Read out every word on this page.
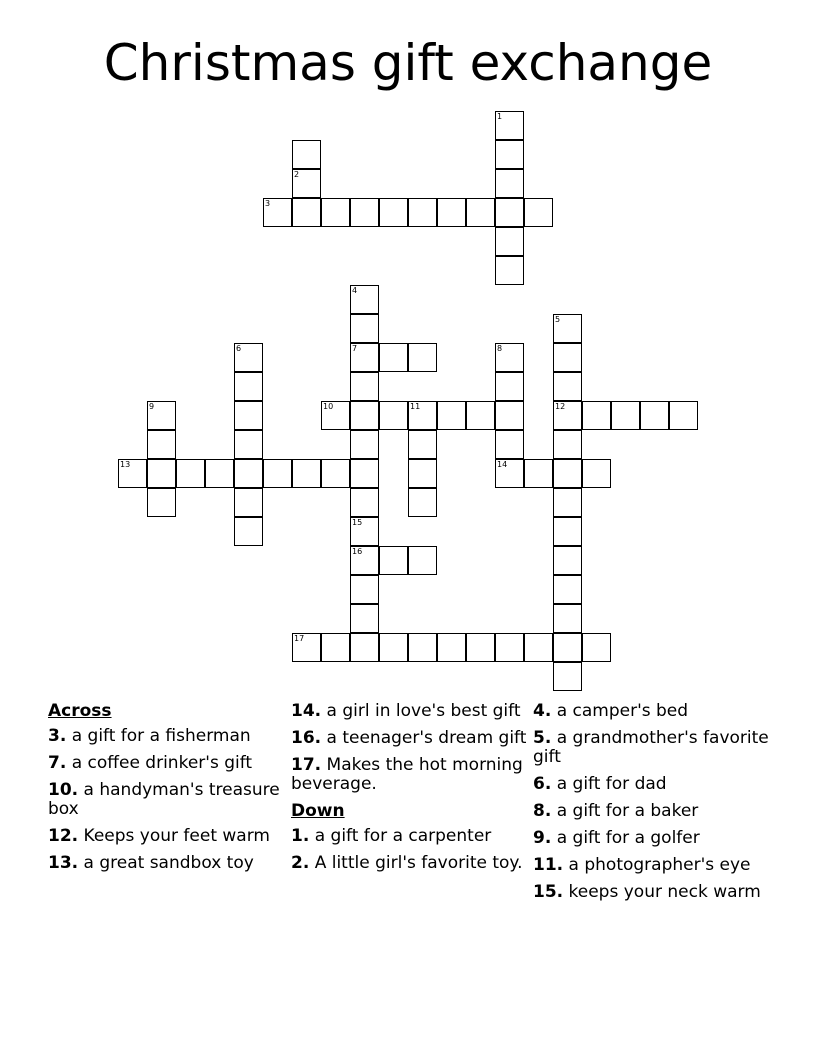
Christmas gift exchange
1
2
3
4
7
15
16
5
12
6	8
14
9	10	11
13
17
Across
3. a gift for a fisherman
7. a coffee drinker's gift
10. a handyman's treasure box
12. Keeps your feet warm
13. a great sandbox toy
14. a girl in love's best gift
16. a teenager's dream gift
17. Makes the hot morning beverage.
Down
1. a gift for a carpenter
2. A little girl's favorite toy.
4. a camper's bed
5. a grandmother's favorite gift
6. a gift for dad
8. a gift for a baker
9. a gift for a golfer
11. a photographer's eye
15. keeps your neck warm
